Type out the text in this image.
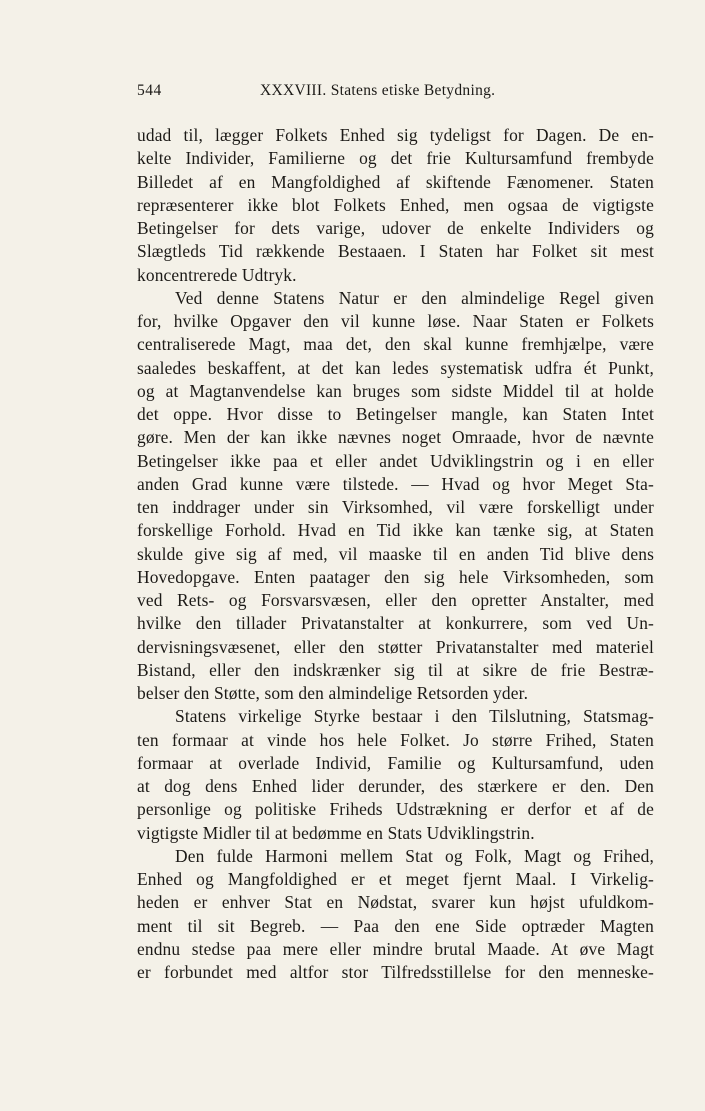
544	XXXVIII. Statens etiske Betydning.

udad til, lægger Folkets Enhed sig tydeligst for Dagen. De en-
kelte Individer, Familierne og det frie Kultursamfund frembyde
Billedet af en Mangfoldighed af skiftende Fænomener. Staten
repræsenterer ikke blot Folkets Enhed, men ogsaa de vigtigste
Betingelser for dets varige, udover de enkelte Individers og
Slægtleds Tid rækkende Bestaaen. I Staten har Folket sit mest
koncentrerede Udtryk.

Ved denne Statens Natur er den almindelige Regel given
for, hvilke Opgaver den vil kunne løse. Naar Staten er Folkets
centraliserede Magt, maa det, den skal kunne fremhjælpe, være
saaledes beskaffent, at det kan ledes systematisk udfra ét Punkt,
og at Magtanvendelse kan bruges som sidste Middel til at holde
det oppe. Hvor disse to Betingelser mangle, kan Staten Intet
gøre. Men der kan ikke nævnes noget Omraade, hvor de nævnte
Betingelser ikke paa et eller andet Udviklingstrin og i en eller
anden Grad kunne være tilstede. — Hvad og hvor Meget Sta-
ten inddrager under sin Virksomhed, vil være forskelligt under
forskellige Forhold. Hvad en Tid ikke kan tænke sig, at Staten
skulde give sig af med, vil maaske til en anden Tid blive dens
Hovedopgave. Enten paatager den sig hele Virksomheden, som
ved Rets- og Forsvarsvæsen, eller den opretter Anstalter, med
hvilke den tillader Privatanstalter at konkurrere, som ved Un-
dervisningsvæsenet, eller den støtter Privatanstalter med materiel
Bistand, eller den indskrænker sig til at sikre de frie Bestræ-
belser den Støtte, som den almindelige Retsorden yder.

Statens virkelige Styrke bestaar i den Tilslutning, Statsmag-
ten formaar at vinde hos hele Folket. Jo større Frihed, Staten
formaar at overlade Individ, Familie og Kultursamfund, uden
at dog dens Enhed lider derunder, des stærkere er den. Den
personlige og politiske Friheds Udstrækning er derfor et af de
vigtigste Midler til at bedømme en Stats Udviklingstrin.

Den fulde Harmoni mellem Stat og Folk, Magt og Frihed,
Enhed og Mangfoldighed er et meget fjernt Maal. I Virkelig-
heden er enhver Stat en Nødstat, svarer kun højst ufuldkom-
ment til sit Begreb. — Paa den ene Side optræder Magten
endnu stedse paa mere eller mindre brutal Maade. At øve Magt
er forbundet med altfor stor Tilfredsstillelse for den menneske-
